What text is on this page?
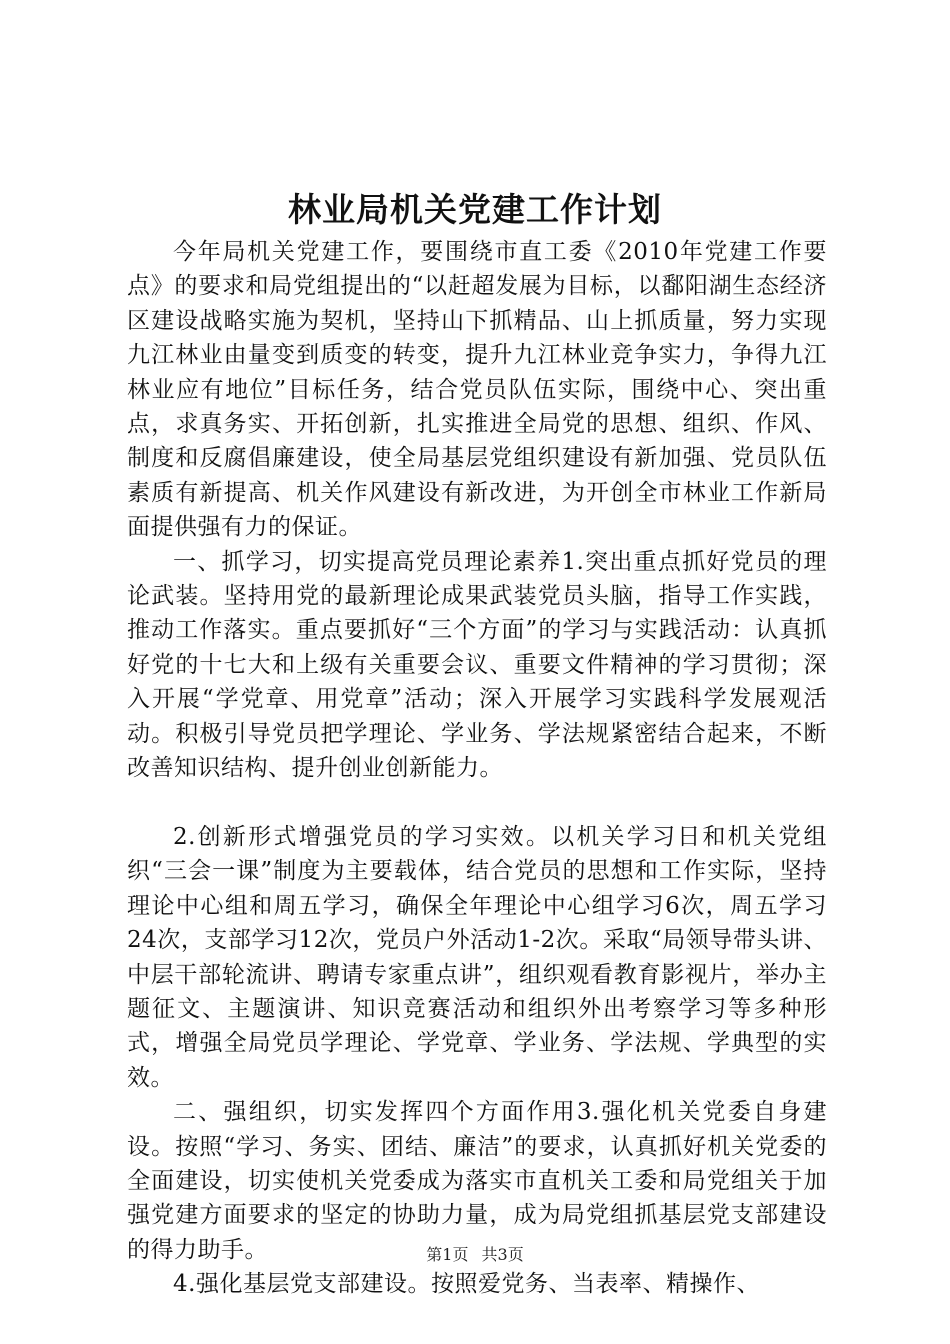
林业局机关党建工作计划

今年局机关党建工作，要围绕市直工委《2010年党建工作要点》的要求和局党组提出的“以赶超发展为目标，以鄱阳湖生态经济区建设战略实施为契机，坚持山下抓精品、山上抓质量，努力实现九江林业由量变到质变的转变，提升九江林业竞争实力，争得九江林业应有地位”目标任务，结合党员队伍实际，围绕中心、突出重点，求真务实、开拓创新，扎实推进全局党的思想、组织、作风、制度和反腐倡廉建设，使全局基层党组织建设有新加强、党员队伍素质有新提高、机关作风建设有新改进，为开创全市林业工作新局面提供强有力的保证。

一、抓学习，切实提高党员理论素养1.突出重点抓好党员的理论武装。坚持用党的最新理论成果武装党员头脑，指导工作实践，推动工作落实。重点要抓好“三个方面”的学习与实践活动：认真抓好党的十七大和上级有关重要会议、重要文件精神的学习贯彻；深入开展“学党章、用党章”活动；深入开展学习实践科学发展观活动。积极引导党员把学理论、学业务、学法规紧密结合起来，不断改善知识结构、提升创业创新能力。

2.创新形式增强党员的学习实效。以机关学习日和机关党组织“三会一课”制度为主要载体，结合党员的思想和工作实际，坚持理论中心组和周五学习，确保全年理论中心组学习6次，周五学习24次，支部学习12次，党员户外活动1-2次。采取“局领导带头讲、中层干部轮流讲、聘请专家重点讲”，组织观看教育影视片，举办主题征文、主题演讲、知识竞赛活动和组织外出考察学习等多种形式，增强全局党员学理论、学党章、学业务、学法规、学典型的实效。

二、强组织，切实发挥四个方面作用3.强化机关党委自身建设。按照“学习、务实、团结、廉洁”的要求，认真抓好机关党委的全面建设，切实使机关党委成为落实市直机关工委和局党组关于加强党建方面要求的坚定的协助力量，成为局党组抓基层党支部建设的得力助手。

4.强化基层党支部建设。按照爱党务、当表率、精操作、

第1页 共3页
